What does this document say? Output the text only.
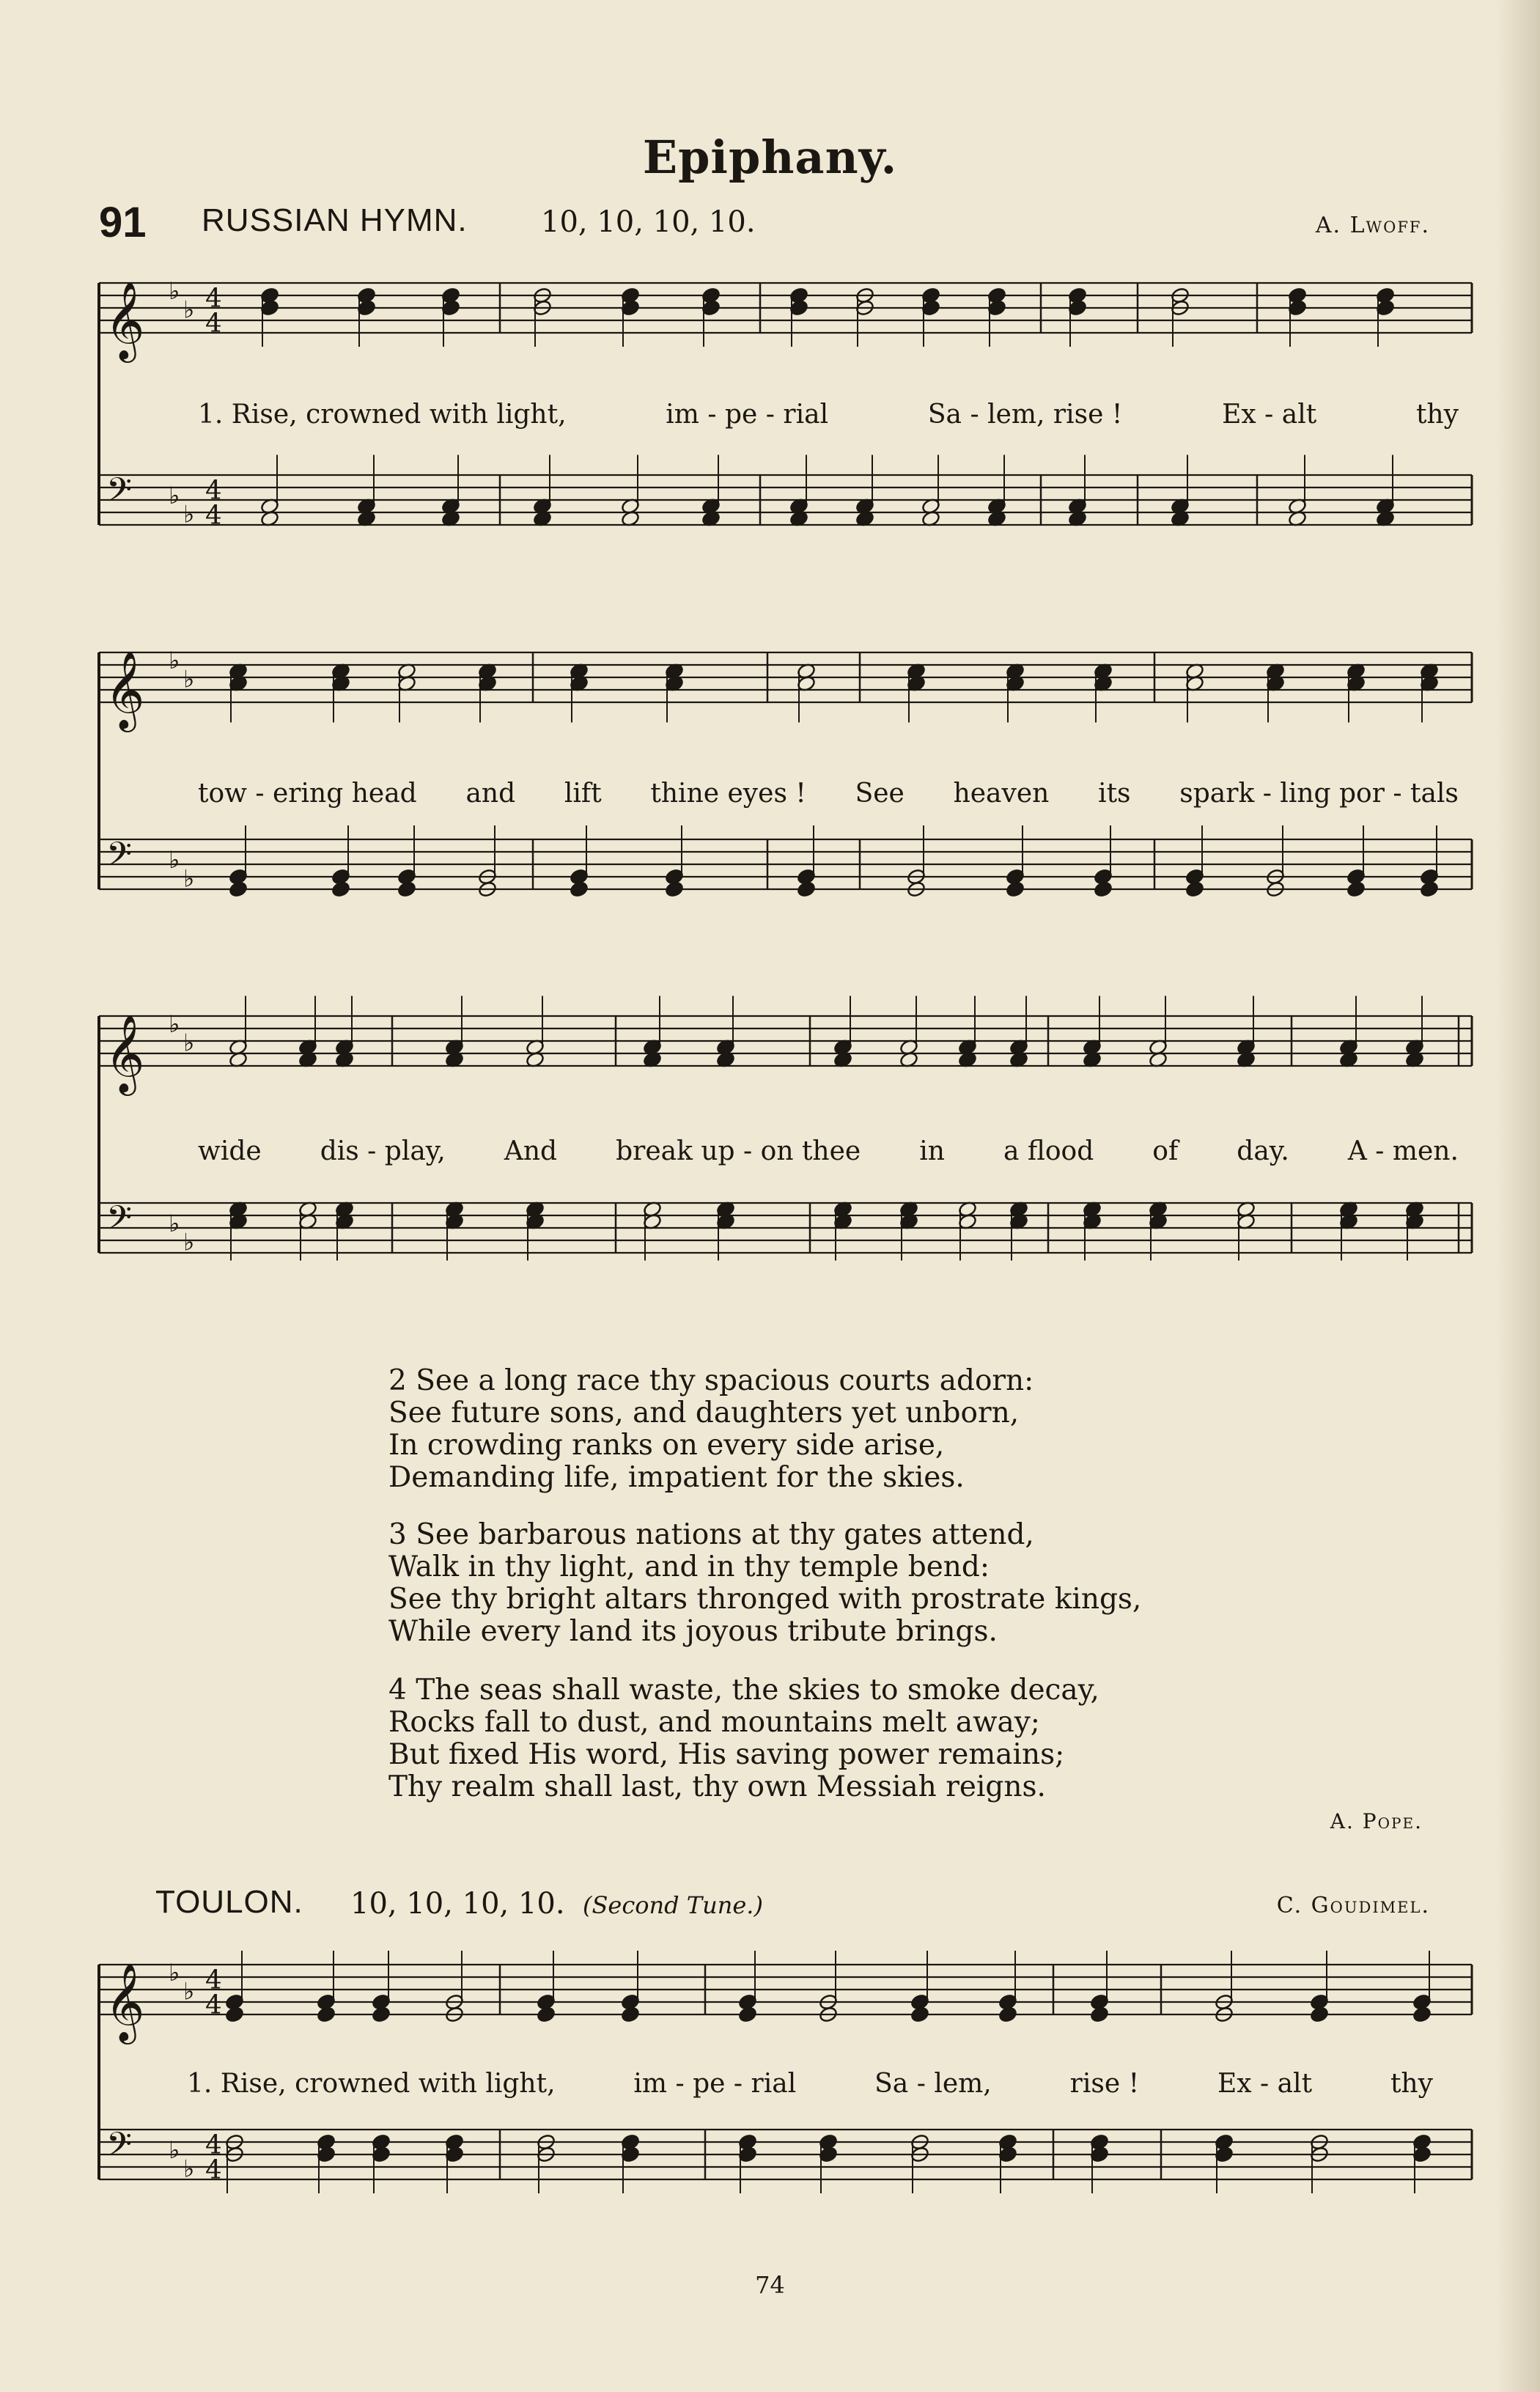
Epiphany.
91 RUSSIAN HYMN.	10, 10, 10, 10.	A. Lwoff.
𝄞
𝄢
♭
♭
♭
♭
4
4
4
4
𝄞
𝄢
♭
♭
♭
♭
𝄞
𝄢
♭
♭
♭
♭
𝄞
𝄢
♭
♭
♭
♭
4
4
4
4
1. Rise, crowned with light,	im - pe - rial	Sa - lem, rise !	Ex - alt	thy
tow - ering head and lift thine eyes ! See heaven its spark - ling por - tals
wide dis - play, And break up - on thee in a flood of day. A - men.
2 See a long race thy spacious courts adorn:
See future sons, and daughters yet unborn,
In crowding ranks on every side arise,
Demanding life, impatient for the skies.
3 See barbarous nations at thy gates attend,
Walk in thy light, and in thy temple bend:
See thy bright altars thronged with prostrate kings,
While every land its joyous tribute brings.
4 The seas shall waste, the skies to smoke decay,
Rocks fall to dust, and mountains melt away;
But fixed His word, His saving power remains;
Thy realm shall last, thy own Messiah reigns.
A. Pope.
TOULON. 10, 10, 10, 10. (Second Tune.)	C. Goudimel.
1. Rise, crowned with light,	im - pe - rial	Sa - lem,	rise !	Ex - alt	thy
74
